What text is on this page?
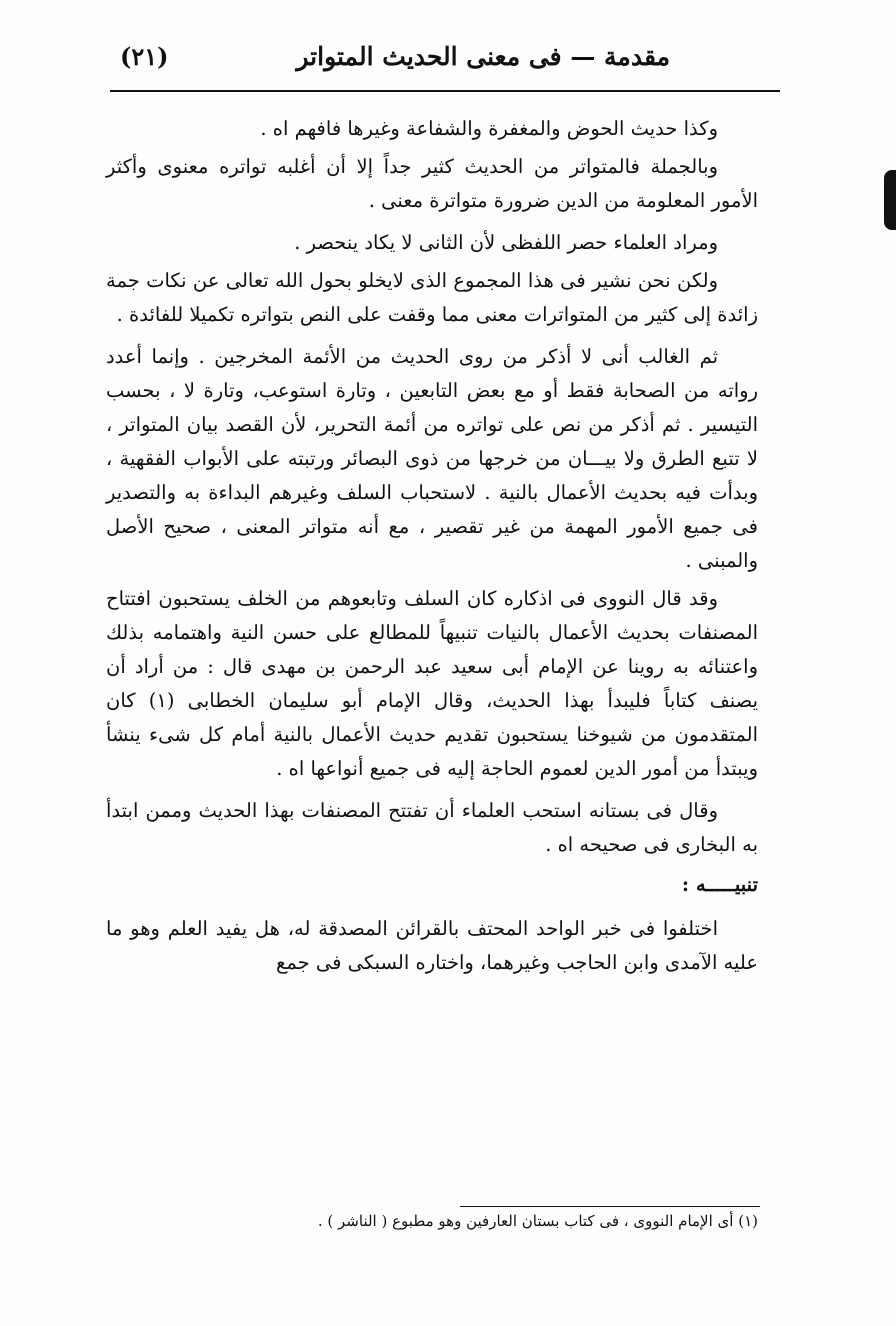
مقدمة — فى معنى الحديث المتواتر
(٢١)

وكذا حديث الحوض والمغفرة والشفاعة وغيرها فافهم اه .

وبالجملة فالمتواتر من الحديث كثير جداً إلا أن أغلبه تواتره معنوى وأكثر الأمور المعلومة من الدين ضرورة متواترة معنى .

ومراد العلماء حصر اللفظى لأن الثانى لا يكاد ينحصر .

ولكن نحن نشير فى هذا المجموع الذى لايخلو بحول الله تعالى عن نكات جمة زائدة إلى كثير من المتواترات معنى مما وقفت على النص بتواتره تكميلا للفائدة .

ثم الغالب أنى لا أذكر من روى الحديث من الأئمة المخرجين . وإنما أعدد رواته من الصحابة فقط أو مع بعض التابعين ، وتارة استوعب، وتارة لا ، بحسب التيسير . ثم أذكر من نص على تواتره من أئمة التحرير، لأن القصد بيان المتواتر ، لا تتبع الطرق ولا بيـــان من خرجها من ذوى البصائر ورتبته على الأبواب الفقهية ، وبدأت فيه بحديث الأعمال بالنية . لاستحباب السلف وغيرهم البداءة به والتصدير فى جميع الأمور المهمة من غير تقصير ، مع أنه متواتر المعنى ، صحيح الأصل والمبنى .

وقد قال النووى فى اذكاره كان السلف وتابعوهم من الخلف يستحبون افتتاح المصنفات بحديث الأعمال بالنيات تنبيهاً للمطالع على حسن النية واهتمامه بذلك واعتنائه به روينا عن الإمام أبى سعيد عبد الرحمن بن مهدى قال : من أراد أن يصنف كتاباً فليبدأ بهذا الحديث، وقال الإمام أبو سليمان الخطابى (١) كان المتقدمون من شيوخنا يستحبون تقديم حديث الأعمال بالنية أمام كل شىء ينشأ ويبتدأ من أمور الدين لعموم الحاجة إليه فى جميع أنواعها اه .

وقال فى بستانه استحب العلماء أن تفتتح المصنفات بهذا الحديث وممن ابتدأ به البخارى فى صحيحه اه .

تنبيـــــه :

اختلفوا فى خبر الواحد المحتف بالقرائن المصدقة له، هل يفيد العلم وهو ما عليه الآمدى وابن الحاجب وغيرهما، واختاره السبكى فى جمع

(١) أى الإمام النووى ، فى كتاب بستان العارفين وهو مطبوع ( الناشر ) .
